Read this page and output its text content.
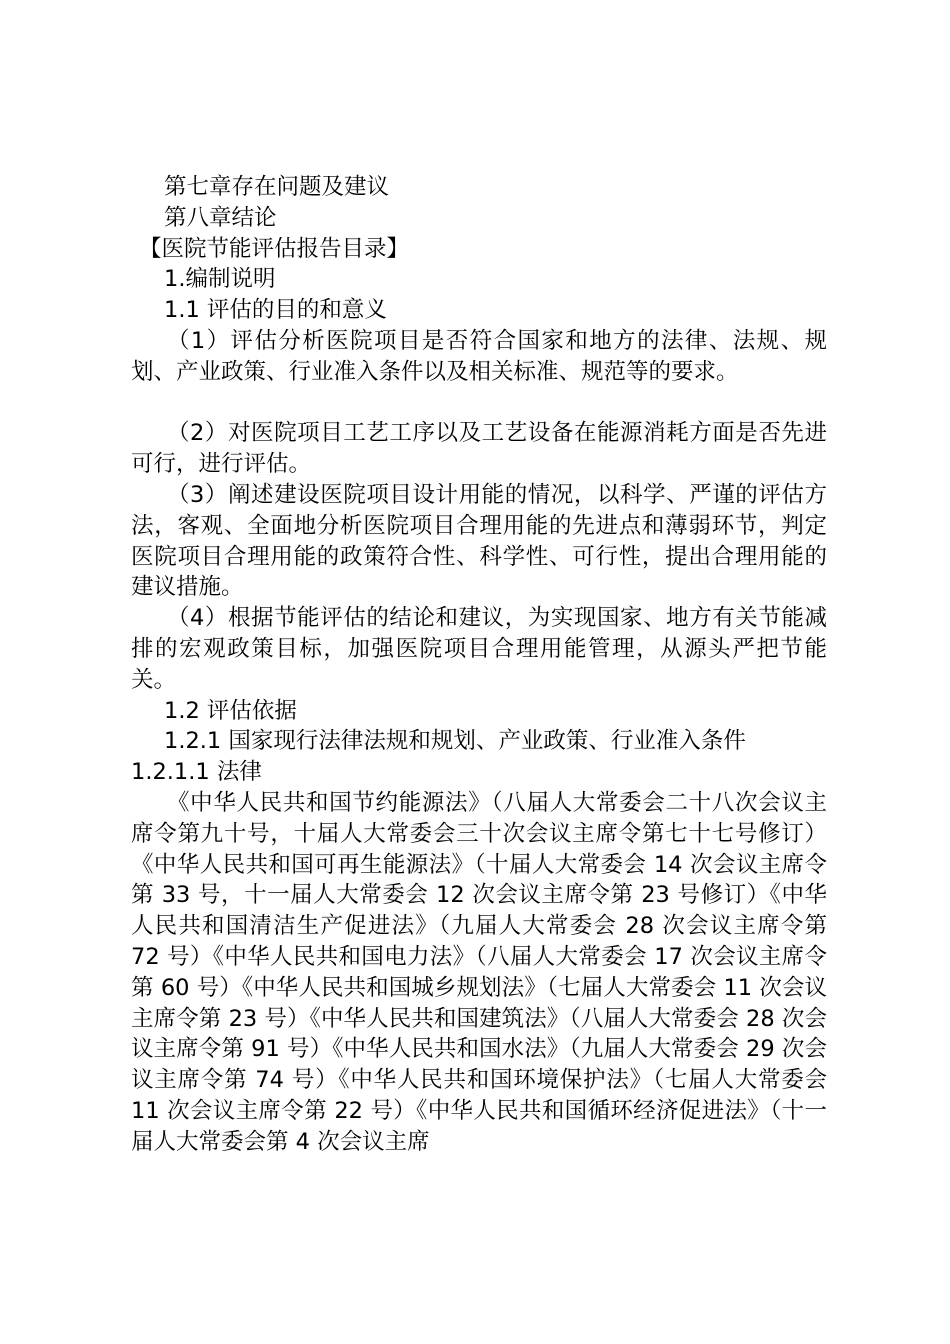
第七章存在问题及建议

第八章结论

【医院节能评估报告目录】

1.编制说明

1.1 评估的目的和意义

（1）评估分析医院项目是否符合国家和地方的法律、法规、规划、产业政策、行业准入条件以及相关标准、规范等的要求。

（2）对医院项目工艺工序以及工艺设备在能源消耗方面是否先进可行，进行评估。

（3）阐述建设医院项目设计用能的情况，以科学、严谨的评估方法，客观、全面地分析医院项目合理用能的先进点和薄弱环节，判定医院项目合理用能的政策符合性、科学性、可行性，提出合理用能的建议措施。

（4）根据节能评估的结论和建议，为实现国家、地方有关节能减排的宏观政策目标，加强医院项目合理用能管理，从源头严把节能关。

1.2 评估依据

1.2.1 国家现行法律法规和规划、产业政策、行业准入条件

1.2.1.1 法律

《中华人民共和国节约能源法》（八届人大常委会二十八次会议主席令第九十号，十届人大常委会三十次会议主席令第七十七号修订）《中华人民共和国可再生能源法》（十届人大常委会 14 次会议主席令第 33 号，十一届人大常委会 12 次会议主席令第 23 号修订）《中华人民共和国清洁生产促进法》（九届人大常委会 28 次会议主席令第 72 号）《中华人民共和国电力法》（八届人大常委会 17 次会议主席令第 60 号）《中华人民共和国城乡规划法》（七届人大常委会 11 次会议主席令第 23 号）《中华人民共和国建筑法》（八届人大常委会 28 次会议主席令第 91 号）《中华人民共和国水法》（九届人大常委会 29 次会议主席令第 74 号）《中华人民共和国环境保护法》（七届人大常委会 11 次会议主席令第 22 号）《中华人民共和国循环经济促进法》（十一届人大常委会第 4 次会议主席
